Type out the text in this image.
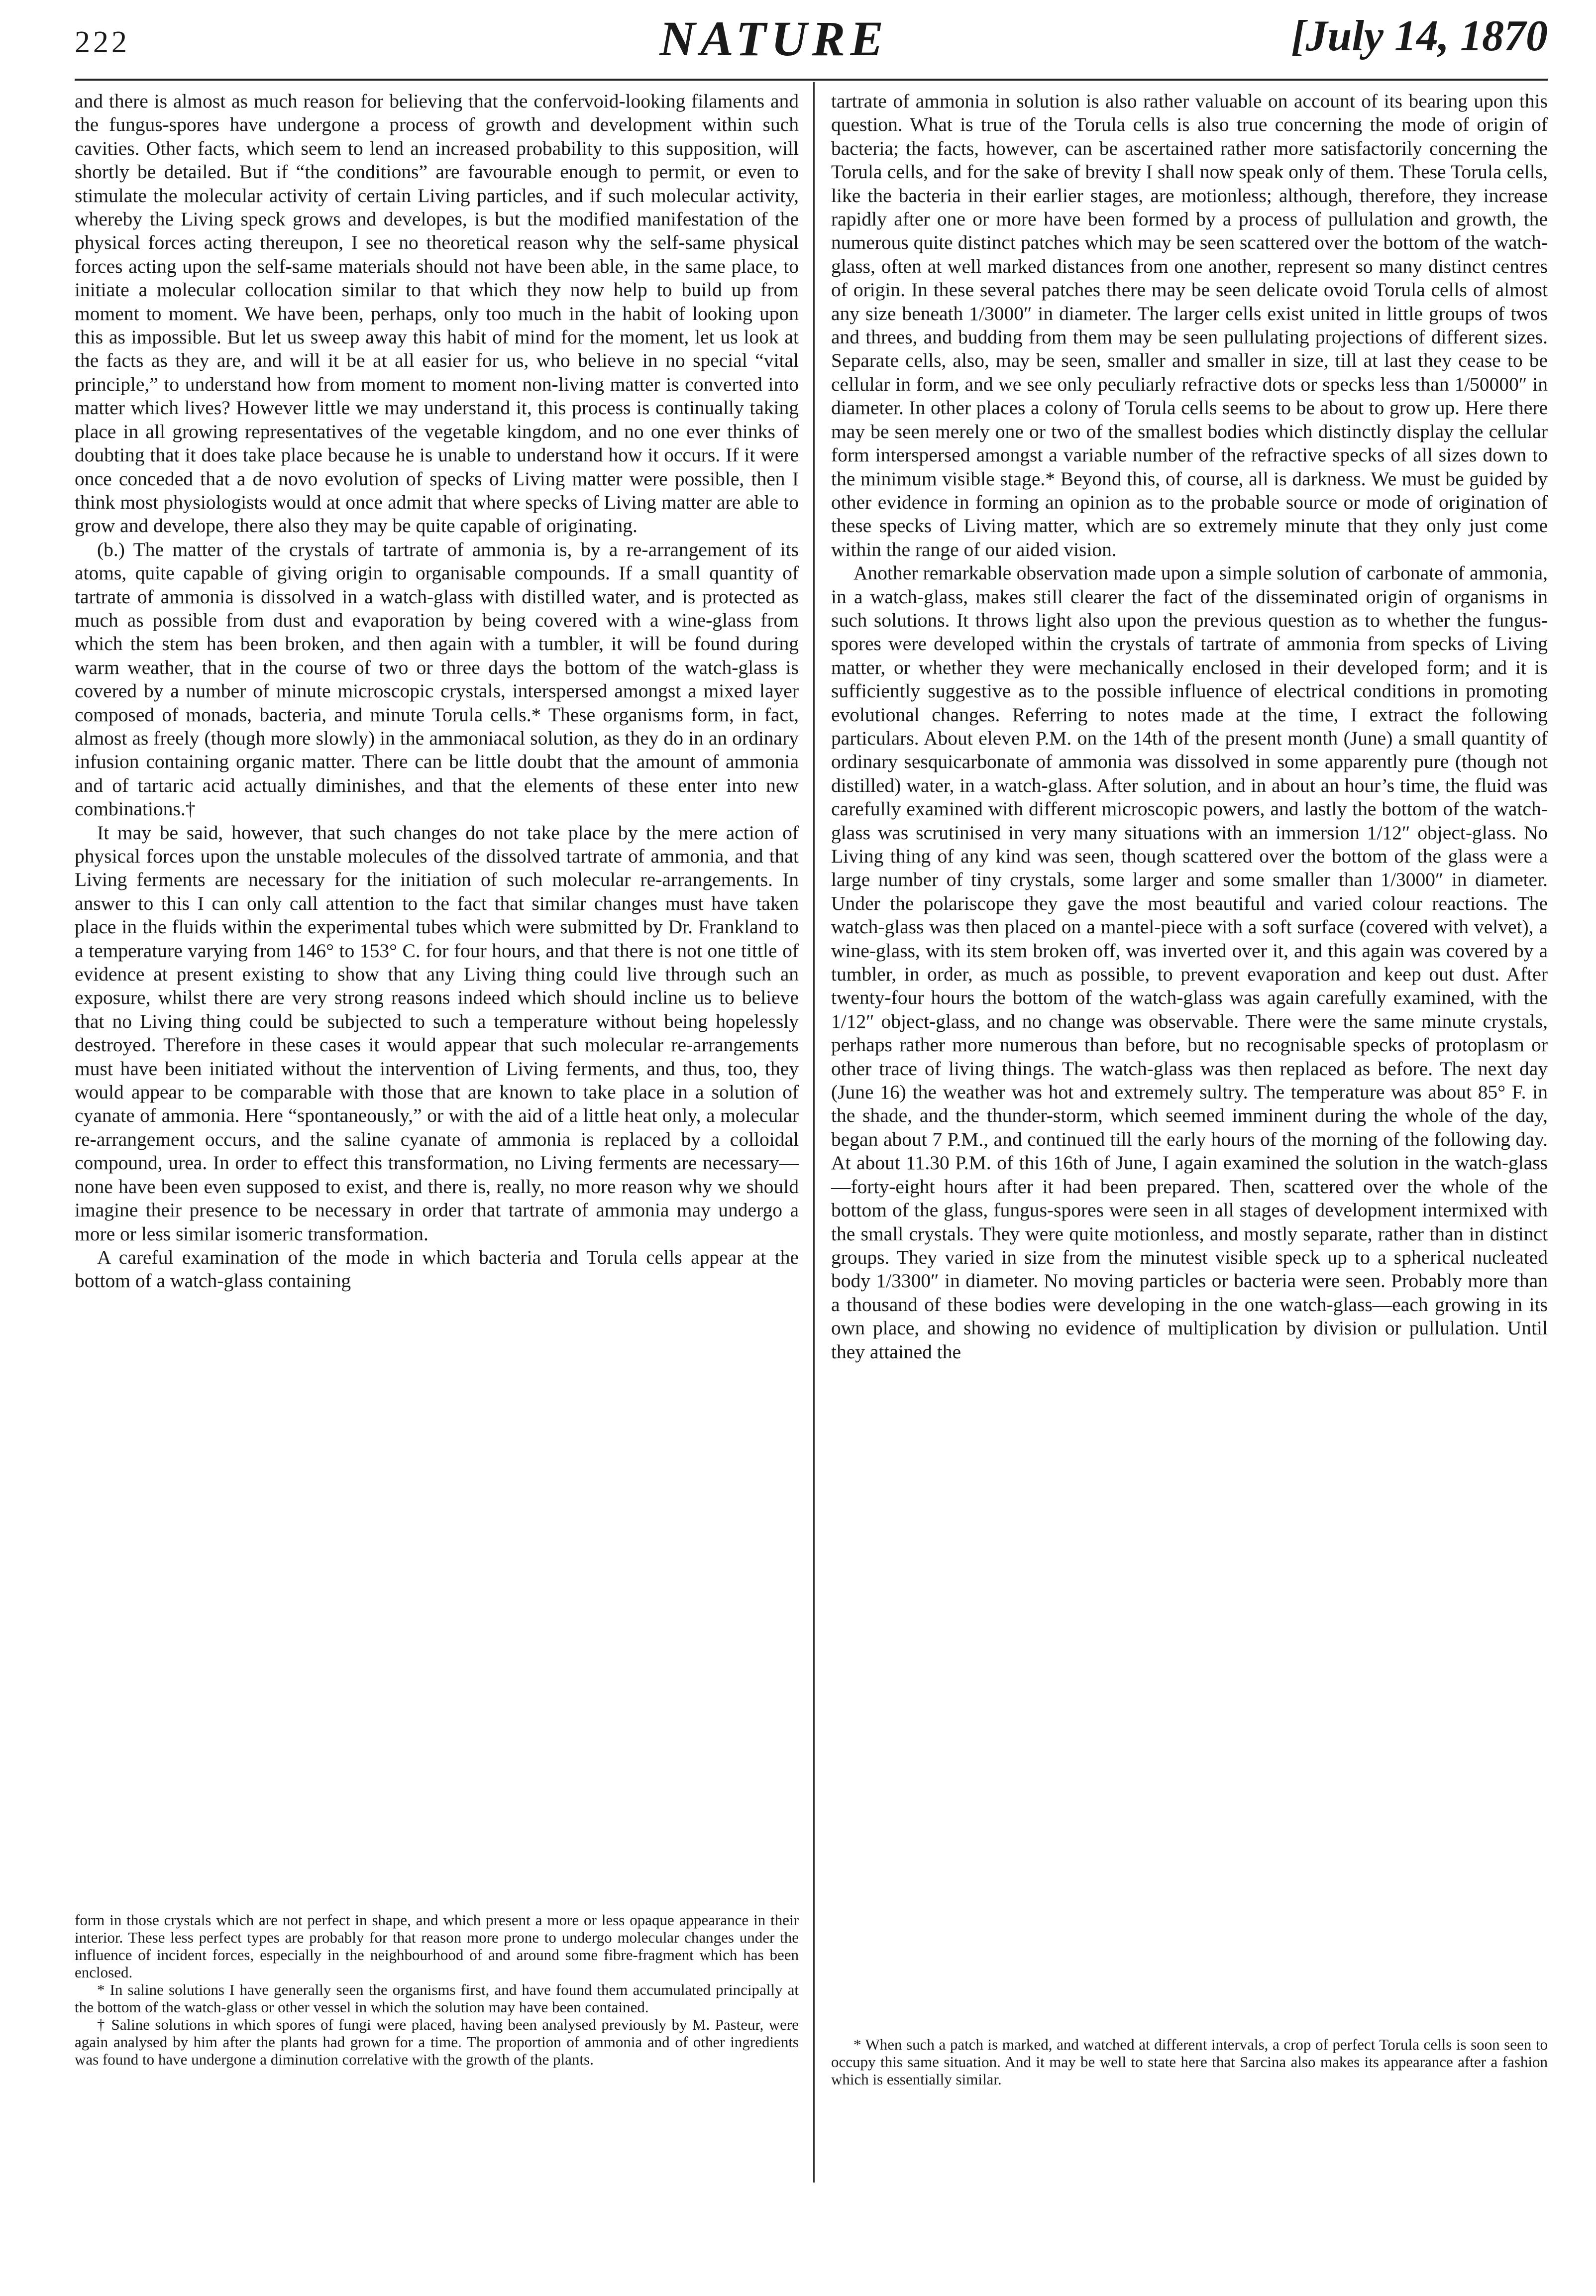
222	NATURE	[July 14, 1870

and there is almost as much reason for believing that the confervoid-looking filaments and the fungus-spores have undergone a process of growth and development within such cavities. Other facts, which seem to lend an increased probability to this supposition, will shortly be detailed. But if “the conditions” are favourable enough to permit, or even to stimulate the molecular activity of certain Living particles, and if such molecular activity, whereby the Living speck grows and developes, is but the modified manifestation of the physical forces acting thereupon, I see no theoretical reason why the self-same physical forces acting upon the self-same materials should not have been able, in the same place, to initiate a molecular collocation similar to that which they now help to build up from moment to moment. We have been, perhaps, only too much in the habit of looking upon this as impossible. But let us sweep away this habit of mind for the moment, let us look at the facts as they are, and will it be at all easier for us, who believe in no special “vital principle,” to understand how from moment to moment non-living matter is converted into matter which lives? However little we may understand it, this process is continually taking place in all growing representatives of the vegetable kingdom, and no one ever thinks of doubting that it does take place because he is unable to understand how it occurs. If it were once conceded that a de novo evolution of specks of Living matter were possible, then I think most physiologists would at once admit that where specks of Living matter are able to grow and develope, there also they may be quite capable of originating.

(b.) The matter of the crystals of tartrate of ammonia is, by a re-arrangement of its atoms, quite capable of giving origin to organisable compounds. If a small quantity of tartrate of ammonia is dissolved in a watch-glass with distilled water, and is protected as much as possible from dust and evaporation by being covered with a wine-glass from which the stem has been broken, and then again with a tumbler, it will be found during warm weather, that in the course of two or three days the bottom of the watch-glass is covered by a number of minute microscopic crystals, interspersed amongst a mixed layer composed of monads, bacteria, and minute Torula cells.* These organisms form, in fact, almost as freely (though more slowly) in the ammoniacal solution, as they do in an ordinary infusion containing organic matter. There can be little doubt that the amount of ammonia and of tartaric acid actually diminishes, and that the elements of these enter into new combinations.†

It may be said, however, that such changes do not take place by the mere action of physical forces upon the unstable molecules of the dissolved tartrate of ammonia, and that Living ferments are necessary for the initiation of such molecular re-arrangements. In answer to this I can only call attention to the fact that similar changes must have taken place in the fluids within the experimental tubes which were submitted by Dr. Frankland to a temperature varying from 146° to 153° C. for four hours, and that there is not one tittle of evidence at present existing to show that any Living thing could live through such an exposure, whilst there are very strong reasons indeed which should incline us to believe that no Living thing could be subjected to such a temperature without being hopelessly destroyed. Therefore in these cases it would appear that such molecular re-arrangements must have been initiated without the intervention of Living ferments, and thus, too, they would appear to be comparable with those that are known to take place in a solution of cyanate of ammonia. Here “spontaneously,” or with the aid of a little heat only, a molecular re-arrangement occurs, and the saline cyanate of ammonia is replaced by a colloidal compound, urea. In order to effect this transformation, no Living ferments are necessary—none have been even supposed to exist, and there is, really, no more reason why we should imagine their presence to be necessary in order that tartrate of ammonia may undergo a more or less similar isomeric transformation.

A careful examination of the mode in which bacteria and Torula cells appear at the bottom of a watch-glass containing

form in those crystals which are not perfect in shape, and which present a more or less opaque appearance in their interior. These less perfect types are probably for that reason more prone to undergo molecular changes under the influence of incident forces, especially in the neighbourhood of and around some fibre-fragment which has been enclosed.

* In saline solutions I have generally seen the organisms first, and have found them accumulated principally at the bottom of the watch-glass or other vessel in which the solution may have been contained.

† Saline solutions in which spores of fungi were placed, having been analysed previously by M. Pasteur, were again analysed by him after the plants had grown for a time. The proportion of ammonia and of other ingredients was found to have undergone a diminution correlative with the growth of the plants.

tartrate of ammonia in solution is also rather valuable on account of its bearing upon this question. What is true of the Torula cells is also true concerning the mode of origin of bacteria; the facts, however, can be ascertained rather more satisfactorily concerning the Torula cells, and for the sake of brevity I shall now speak only of them. These Torula cells, like the bacteria in their earlier stages, are motionless; although, therefore, they increase rapidly after one or more have been formed by a process of pullulation and growth, the numerous quite distinct patches which may be seen scattered over the bottom of the watch-glass, often at well marked distances from one another, represent so many distinct centres of origin. In these several patches there may be seen delicate ovoid Torula cells of almost any size beneath 1/3000″ in diameter. The larger cells exist united in little groups of twos and threes, and budding from them may be seen pullulating projections of different sizes. Separate cells, also, may be seen, smaller and smaller in size, till at last they cease to be cellular in form, and we see only peculiarly refractive dots or specks less than 1/50000″ in diameter. In other places a colony of Torula cells seems to be about to grow up. Here there may be seen merely one or two of the smallest bodies which distinctly display the cellular form interspersed amongst a variable number of the refractive specks of all sizes down to the minimum visible stage.* Beyond this, of course, all is darkness. We must be guided by other evidence in forming an opinion as to the probable source or mode of origination of these specks of Living matter, which are so extremely minute that they only just come within the range of our aided vision.

Another remarkable observation made upon a simple solution of carbonate of ammonia, in a watch-glass, makes still clearer the fact of the disseminated origin of organisms in such solutions. It throws light also upon the previous question as to whether the fungus-spores were developed within the crystals of tartrate of ammonia from specks of Living matter, or whether they were mechanically enclosed in their developed form; and it is sufficiently suggestive as to the possible influence of electrical conditions in promoting evolutional changes. Referring to notes made at the time, I extract the following particulars. About eleven P.M. on the 14th of the present month (June) a small quantity of ordinary sesquicarbonate of ammonia was dissolved in some apparently pure (though not distilled) water, in a watch-glass. After solution, and in about an hour’s time, the fluid was carefully examined with different microscopic powers, and lastly the bottom of the watch-glass was scrutinised in very many situations with an immersion 1/12″ object-glass. No Living thing of any kind was seen, though scattered over the bottom of the glass were a large number of tiny crystals, some larger and some smaller than 1/3000″ in diameter. Under the polariscope they gave the most beautiful and varied colour reactions. The watch-glass was then placed on a mantel-piece with a soft surface (covered with velvet), a wine-glass, with its stem broken off, was inverted over it, and this again was covered by a tumbler, in order, as much as possible, to prevent evaporation and keep out dust. After twenty-four hours the bottom of the watch-glass was again carefully examined, with the 1/12″ object-glass, and no change was observable. There were the same minute crystals, perhaps rather more numerous than before, but no recognisable specks of protoplasm or other trace of living things. The watch-glass was then replaced as before. The next day (June 16) the weather was hot and extremely sultry. The temperature was about 85° F. in the shade, and the thunder-storm, which seemed imminent during the whole of the day, began about 7 P.M., and continued till the early hours of the morning of the following day. At about 11.30 P.M. of this 16th of June, I again examined the solution in the watch-glass—forty-eight hours after it had been prepared. Then, scattered over the whole of the bottom of the glass, fungus-spores were seen in all stages of development intermixed with the small crystals. They were quite motionless, and mostly separate, rather than in distinct groups. They varied in size from the minutest visible speck up to a spherical nucleated body 1/3300″ in diameter. No moving particles or bacteria were seen. Probably more than a thousand of these bodies were developing in the one watch-glass—each growing in its own place, and showing no evidence of multiplication by division or pullulation. Until they attained the

* When such a patch is marked, and watched at different intervals, a crop of perfect Torula cells is soon seen to occupy this same situation. And it may be well to state here that Sarcina also makes its appearance after a fashion which is essentially similar.
